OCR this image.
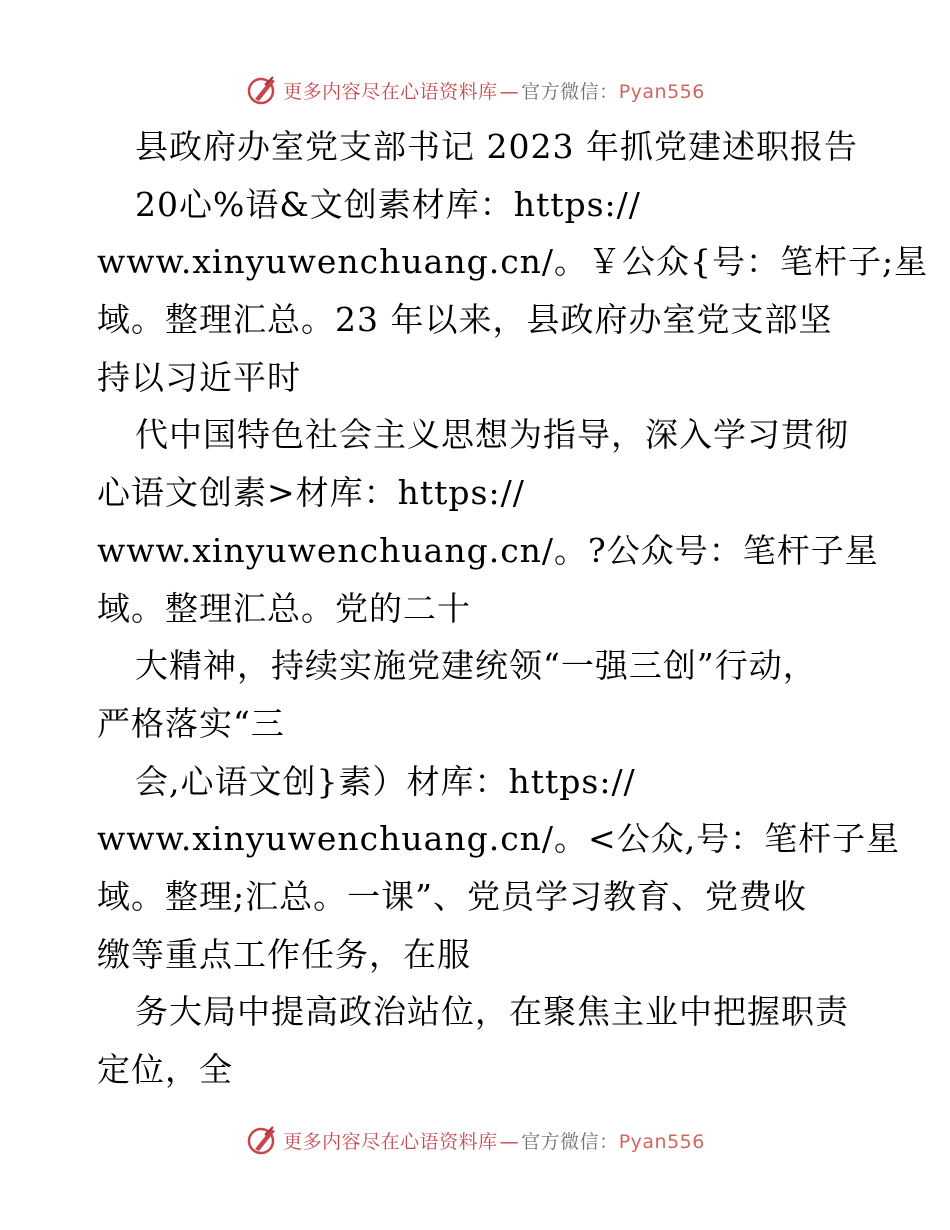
更多内容尽在心语资料库 — 官方微信：Pyan556
县政府办室党支部书记 2023 年抓党建述职报告
20心%语&文创素材库：https://
www.xinyuwenchuang.cn/。￥公众{号：笔杆子;星
域。整理汇总。23 年以来，县政府办室党支部坚
持以习近平时
代中国特色社会主义思想为指导，深入学习贯彻
心语文创素>材库：https://
www.xinyuwenchuang.cn/。?公众号：笔杆子星
域。整理汇总。党的二十
大精神，持续实施党建统领“一强三创”行动，
严格落实“三
会,心语文创}素）材库：https://
www.xinyuwenchuang.cn/。<公众,号：笔杆子星
域。整理;汇总。一课”、党员学习教育、党费收
缴等重点工作任务，在服
务大局中提高政治站位，在聚焦主业中把握职责
定位，全
更多内容尽在心语资料库 — 官方微信：Pyan556
